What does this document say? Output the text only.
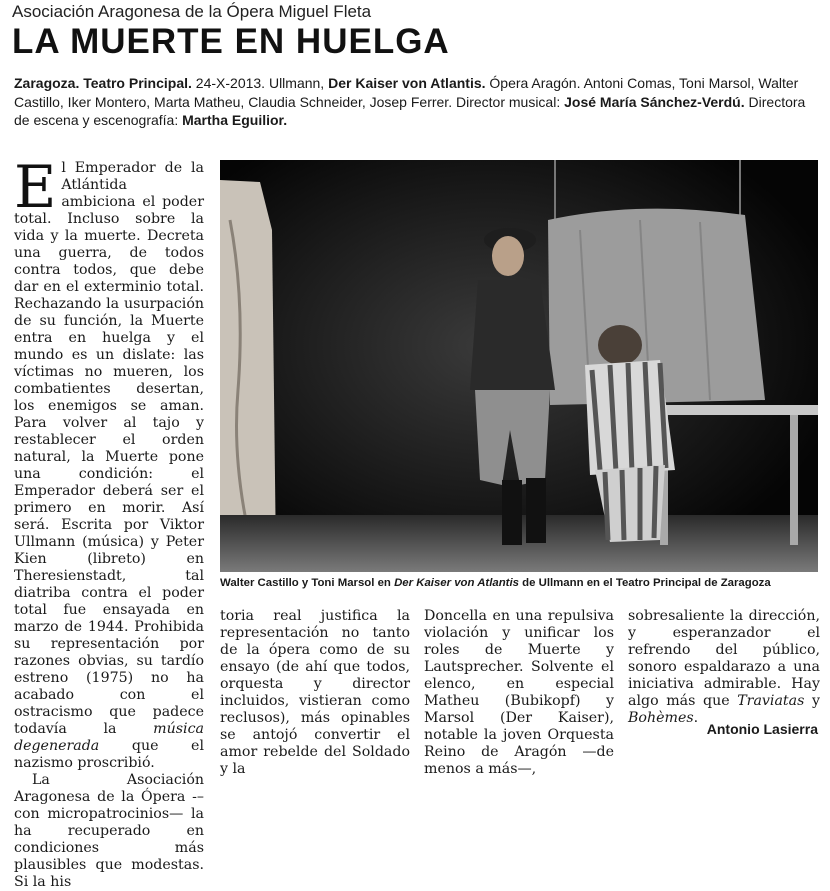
Asociación Aragonesa de la Ópera Miguel Fleta
LA MUERTE EN HUELGA
Zaragoza. Teatro Principal. 24-X-2013. Ullmann, Der Kaiser von Atlantis. Ópera Aragón. Antoni Comas, Toni Marsol, Walter Castillo, Iker Montero, Marta Matheu, Claudia Schneider, Josep Ferrer. Director musical: José María Sánchez-Verdú. Directora de escena y escenografía: Martha Eguilior.

El Emperador de la Atlántida ambiciona el poder total. Incluso sobre la vida y la muerte. Decreta una guerra, de todos contra todos, que debe dar en el exterminio total. Rechazando la usurpación de su función, la Muerte entra en huelga y el mundo es un dislate: las víctimas no mueren, los combatientes desertan, los enemigos se aman. Para volver al tajo y restablecer el orden natural, la Muerte pone una condición: el Emperador deberá ser el primero en morir. Así será. Escrita por Viktor Ullmann (música) y Peter Kien (libreto) en Theresienstadt, tal diatriba contra el poder total fue ensayada en marzo de 1944. Prohibida su representación por razones obvias, su tardío estreno (1975) no ha acabado con el ostracismo que padece todavía la música degenerada que el nazismo proscribió.

La Asociación Aragonesa de la Ópera -–con micropatrocinios— la ha recuperado en condiciones más plausibles que modestas. Si la his

Walter Castillo y Toni Marsol en Der Kaiser von Atlantis de Ullmann en el Teatro Principal de Zaragoza

toria real justifica la representación no tanto de la ópera como de su ensayo (de ahí que todos, orquesta y director incluidos, vistieran como reclusos), más opinables se antojó convertir el amor rebelde del Soldado y la

Doncella en una repulsiva violación y unificar los roles de Muerte y Lautsprecher. Solvente el elenco, en especial Matheu (Bubikopf) y Marsol (Der Kaiser), notable la joven Orquesta Reino de Aragón —de menos a más—,

sobresaliente la dirección, y esperanzador el refrendo del público, sonoro espaldarazo a una iniciativa admirable. Hay algo más que Traviatas y Bohèmes.

Antonio Lasierra
